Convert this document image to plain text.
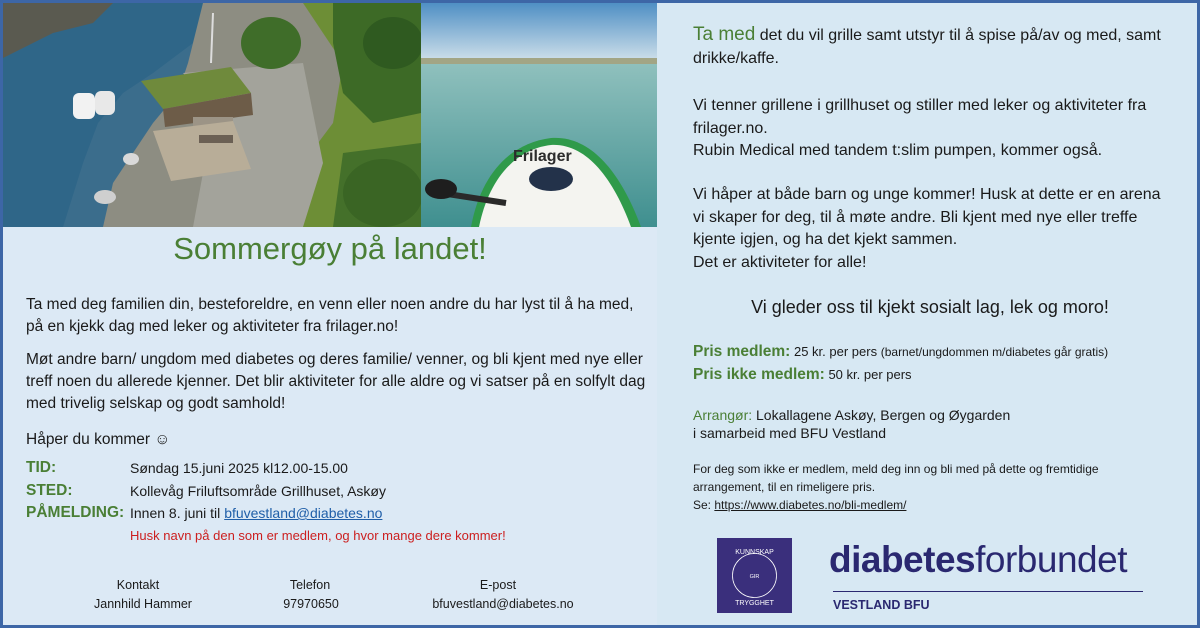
Frilager
Sommergøy på landet!
Ta med deg familien din, besteforeldre, en venn eller noen andre du har lyst til å ha med, på en kjekk dag med leker og aktiviteter fra frilager.no!
Møt andre barn/ ungdom med diabetes og deres familie/ venner, og bli kjent med nye eller treff noen du allerede kjenner. Det blir aktiviteter for alle aldre og vi satser på en solfylt dag med trivelig selskap og godt samhold!
Håper du kommer ☺
TID:	Søndag 15.juni 2025 kl12.00-15.00
STED:	Kollevåg Friluftsområde Grillhuset, Askøy
PÅMELDING: Innen 8. juni til bfuvestland@diabetes.no
Husk navn på den som er medlem, og hvor mange dere kommer!
Kontakt	Telefon	E-post
Jannhild Hammer	97970650	bfuvestland@diabetes.no
Ta med det du vil grille samt utstyr til å spise på/av og med, samt drikke/kaffe.
Vi tenner grillene i grillhuset og stiller med leker og aktiviteter fra frilager.no.
Rubin Medical med tandem t:slim pumpen, kommer også.
Vi håper at både barn og unge kommer! Husk at dette er en arena vi skaper for deg, til å møte andre. Bli kjent med nye eller treffe kjente igjen, og ha det kjekt sammen.
Det er aktiviteter for alle!
Vi gleder oss til kjekt sosialt lag, lek og moro!
Pris medlem: 25 kr. per pers (barnet/ungdommen m/diabetes går gratis)
Pris ikke medlem: 50 kr. per pers
Arrangør: Lokallagene Askøy, Bergen og Øygarden
i samarbeid med BFU Vestland
For deg som ikke er medlem, meld deg inn og bli med på dette og fremtidige arrangement, til en rimeligere pris.
Se: https://www.diabetes.no/bli-medlem/
KUNNSKAP
GIR
TRYGGHET
diabetesforbundet
VESTLAND BFU
